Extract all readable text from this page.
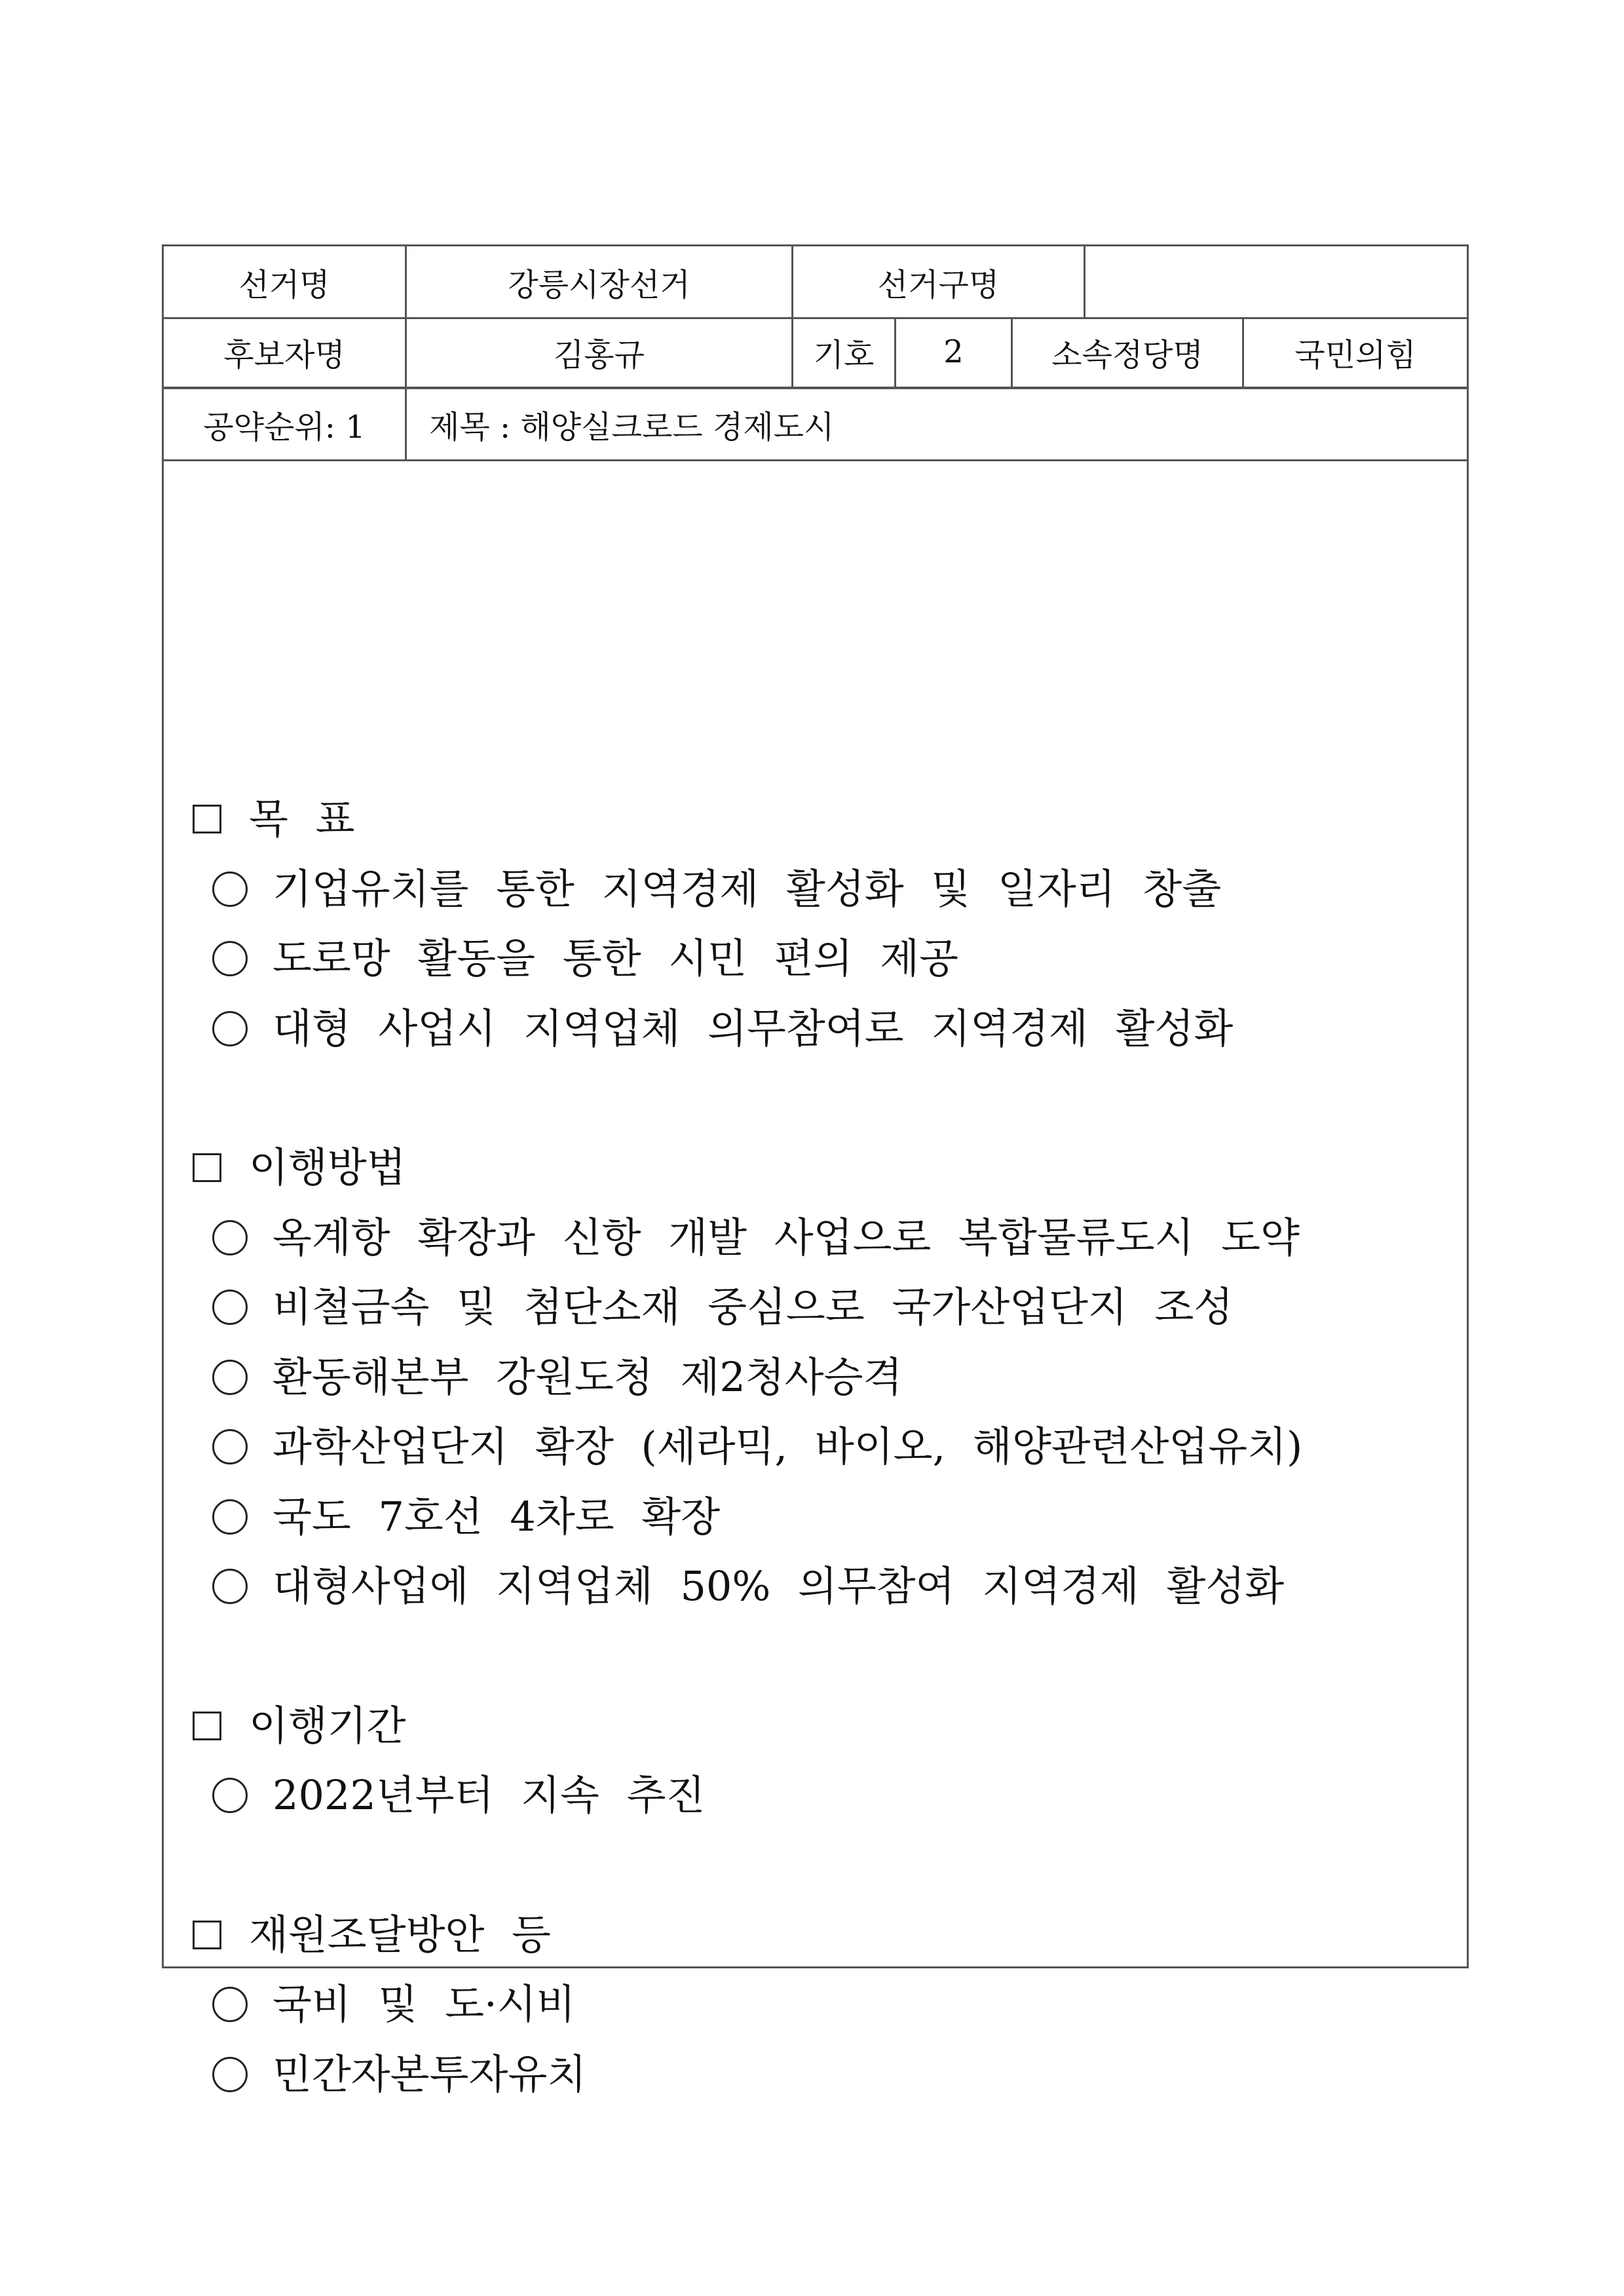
선거명	강릉시장선거	선거구명
후보자명	김홍규	기호	2	소속정당명	국민의힘
공약순위: 1	제목 : 해양실크로드 경제도시
목 표
기업유치를 통한 지역경제 활성화 및 일자리 창출
도로망 활동을 통한 시민 편의 제공
대형 사업시 지역업체 의무참여로 지역경제 활성화
이행방법
옥계항 확장과 신항 개발 사업으로 복합물류도시 도약
비철금속 및 첨단소재 중심으로 국가산업단지 조성
환동해본부 강원도청 제2청사승격
과학산업단지 확장 (세라믹, 바이오, 해양관련산업유치)
국도 7호선 4차로 확장
대형사업에 지역업체 50% 의무참여 지역경제 활성화
이행기간
2022년부터 지속 추진
재원조달방안 등
국비 및 도·시비
민간자본투자유치
